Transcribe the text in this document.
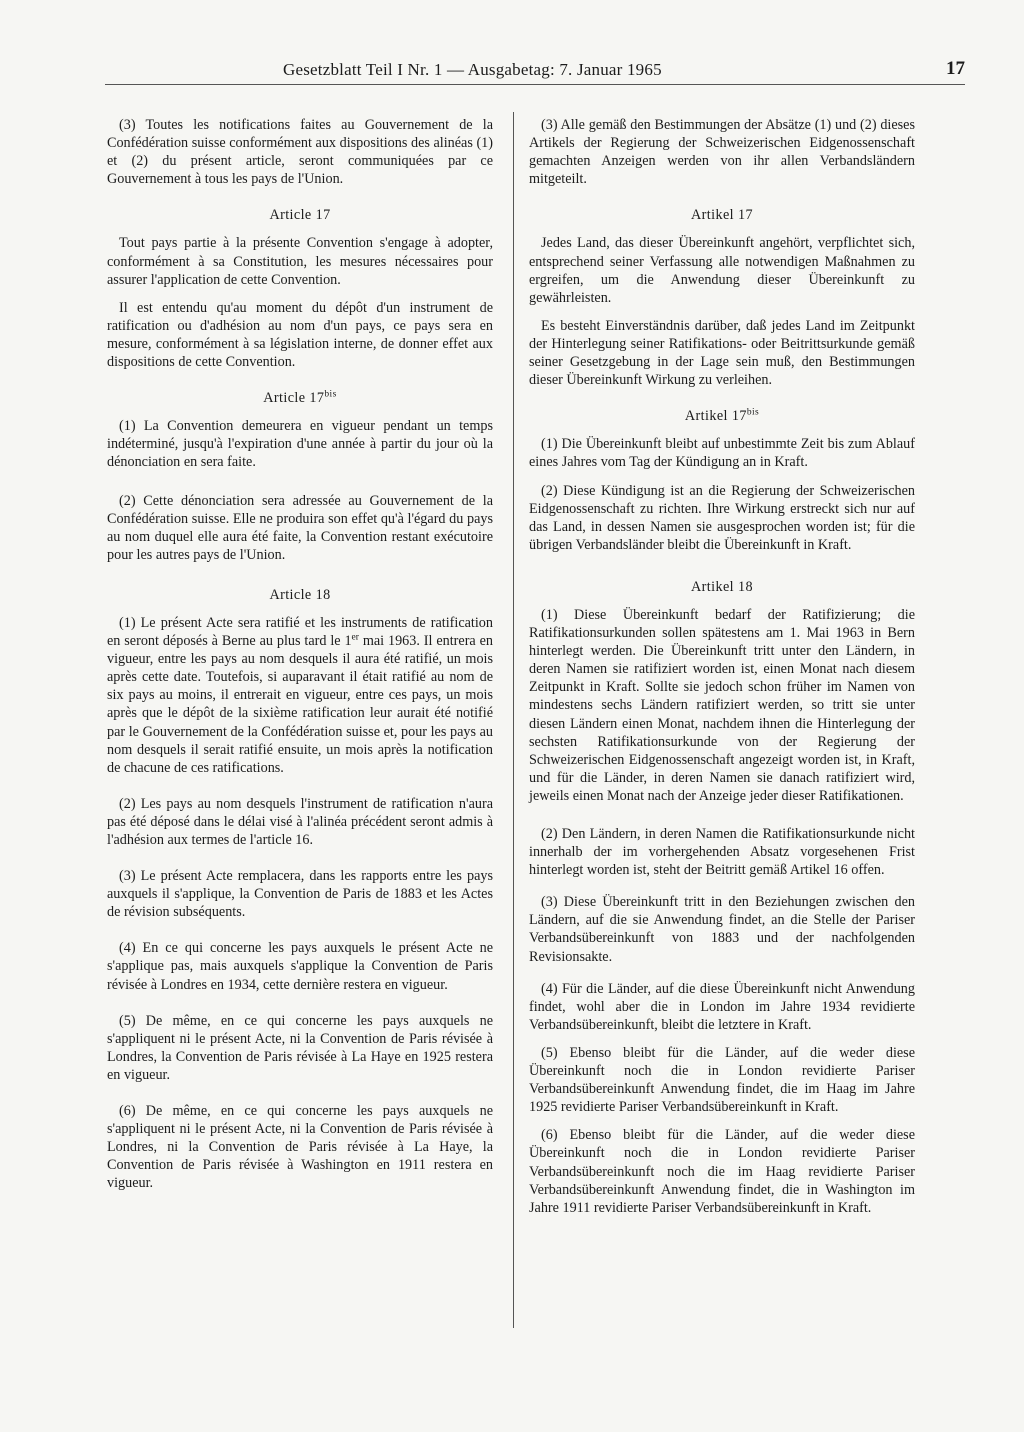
Gesetzblatt Teil I Nr. 1 — Ausgabetag: 7. Januar 1965	17

(3) Toutes les notifications faites au Gouvernement de la Confédération suisse conformément aux dispositions des alinéas (1) et (2) du présent article, seront communiquées par ce Gouvernement à tous les pays de l'Union.

Article 17

Tout pays partie à la présente Convention s'engage à adopter, conformément à sa Constitution, les mesures nécessaires pour assurer l'application de cette Convention.

Il est entendu qu'au moment du dépôt d'un instrument de ratification ou d'adhésion au nom d'un pays, ce pays sera en mesure, conformément à sa législation interne, de donner effet aux dispositions de cette Convention.

Article $17^{bis}$

(1) La Convention demeurera en vigueur pendant un temps indéterminé, jusqu'à l'expiration d'une année à partir du jour où la dénonciation en sera faite.

(2) Cette dénonciation sera adressée au Gouvernement de la Confédération suisse. Elle ne produira son effet qu'à l'égard du pays au nom duquel elle aura été faite, la Convention restant exécutoire pour les autres pays de l'Union.

Article 18

(1) Le présent Acte sera ratifié et les instruments de ratification en seront déposés à Berne au plus tard le 1er mai 1963. Il entrera en vigueur, entre les pays au nom desquels il aura été ratifié, un mois après cette date. Toutefois, si auparavant il était ratifié au nom de six pays au moins, il entrerait en vigueur, entre ces pays, un mois après que le dépôt de la sixième ratification leur aurait été notifié par le Gouvernement de la Confédération suisse et, pour les pays au nom desquels il serait ratifié ensuite, un mois après la notification de chacune de ces ratifications.

(2) Les pays au nom desquels l'instrument de ratification n'aura pas été déposé dans le délai visé à l'alinéa précédent seront admis à l'adhésion aux termes de l'article 16.

(3) Le présent Acte remplacera, dans les rapports entre les pays auxquels il s'applique, la Convention de Paris de 1883 et les Actes de révision subséquents.

(4) En ce qui concerne les pays auxquels le présent Acte ne s'applique pas, mais auxquels s'applique la Convention de Paris révisée à Londres en 1934, cette dernière restera en vigueur.

(5) De même, en ce qui concerne les pays auxquels ne s'appliquent ni le présent Acte, ni la Convention de Paris révisée à Londres, la Convention de Paris révisée à La Haye en 1925 restera en vigueur.

(6) De même, en ce qui concerne les pays auxquels ne s'appliquent ni le présent Acte, ni la Convention de Paris révisée à Londres, ni la Convention de Paris révisée à La Haye, la Convention de Paris révisée à Washington en 1911 restera en vigueur.

(3) Alle gemäß den Bestimmungen der Absätze (1) und (2) dieses Artikels der Regierung der Schweizerischen Eidgenossenschaft gemachten Anzeigen werden von ihr allen Verbandsländern mitgeteilt.

Artikel 17

Jedes Land, das dieser Übereinkunft angehört, verpflichtet sich, entsprechend seiner Verfassung alle notwendigen Maßnahmen zu ergreifen, um die Anwendung dieser Übereinkunft zu gewährleisten.

Es besteht Einverständnis darüber, daß jedes Land im Zeitpunkt der Hinterlegung seiner Ratifikations- oder Beitrittsurkunde gemäß seiner Gesetzgebung in der Lage sein muß, den Bestimmungen dieser Übereinkunft Wirkung zu verleihen.

Artikel $17^{bis}$

(1) Die Übereinkunft bleibt auf unbestimmte Zeit bis zum Ablauf eines Jahres vom Tag der Kündigung an in Kraft.

(2) Diese Kündigung ist an die Regierung der Schweizerischen Eidgenossenschaft zu richten. Ihre Wirkung erstreckt sich nur auf das Land, in dessen Namen sie ausgesprochen worden ist; für die übrigen Verbandsländer bleibt die Übereinkunft in Kraft.

Artikel 18

(1) Diese Übereinkunft bedarf der Ratifizierung; die Ratifikationsurkunden sollen spätestens am 1. Mai 1963 in Bern hinterlegt werden. Die Übereinkunft tritt unter den Ländern, in deren Namen sie ratifiziert worden ist, einen Monat nach diesem Zeitpunkt in Kraft. Sollte sie jedoch schon früher im Namen von mindestens sechs Ländern ratifiziert werden, so tritt sie unter diesen Ländern einen Monat, nachdem ihnen die Hinterlegung der sechsten Ratifikationsurkunde von der Regierung der Schweizerischen Eidgenossenschaft angezeigt worden ist, in Kraft, und für die Länder, in deren Namen sie danach ratifiziert wird, jeweils einen Monat nach der Anzeige jeder dieser Ratifikationen.

(2) Den Ländern, in deren Namen die Ratifikationsurkunde nicht innerhalb der im vorhergehenden Absatz vorgesehenen Frist hinterlegt worden ist, steht der Beitritt gemäß Artikel 16 offen.

(3) Diese Übereinkunft tritt in den Beziehungen zwischen den Ländern, auf die sie Anwendung findet, an die Stelle der Pariser Verbandsübereinkunft von 1883 und der nachfolgenden Revisionsakte.

(4) Für die Länder, auf die diese Übereinkunft nicht Anwendung findet, wohl aber die in London im Jahre 1934 revidierte Verbandsübereinkunft, bleibt die letztere in Kraft.

(5) Ebenso bleibt für die Länder, auf die weder diese Übereinkunft noch die in London revidierte Pariser Verbandsübereinkunft Anwendung findet, die im Haag im Jahre 1925 revidierte Pariser Verbandsübereinkunft in Kraft.

(6) Ebenso bleibt für die Länder, auf die weder diese Übereinkunft noch die in London revidierte Pariser Verbandsübereinkunft noch die im Haag revidierte Pariser Verbandsübereinkunft Anwendung findet, die in Washington im Jahre 1911 revidierte Pariser Verbandsübereinkunft in Kraft.
